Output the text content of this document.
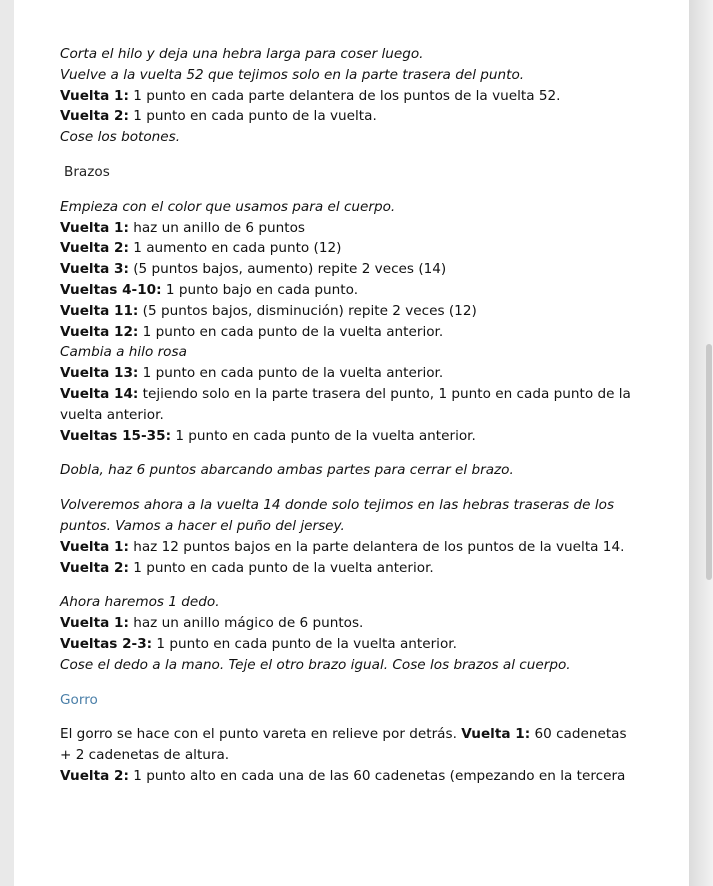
Corta el hilo y deja una hebra larga para coser luego.
Vuelve a la vuelta 52 que tejimos solo en la parte trasera del punto.
Vuelta 1: 1 punto en cada parte delantera de los puntos de la vuelta 52.
Vuelta 2: 1 punto en cada punto de la vuelta.
Cose los botones.
Brazos
Empieza con el color que usamos para el cuerpo.
Vuelta 1: haz un anillo de 6 puntos
Vuelta 2: 1 aumento en cada punto (12)
Vuelta 3: (5 puntos bajos, aumento) repite 2 veces (14)
Vueltas 4-10: 1 punto bajo en cada punto.
Vuelta 11: (5 puntos bajos, disminución) repite 2 veces (12)
Vuelta 12: 1 punto en cada punto de la vuelta anterior.
Cambia a hilo rosa
Vuelta 13: 1 punto en cada punto de la vuelta anterior.
Vuelta 14: tejiendo solo en la parte trasera del punto, 1 punto en cada punto de la
vuelta anterior.
Vueltas 15-35: 1 punto en cada punto de la vuelta anterior.
Dobla, haz 6 puntos abarcando ambas partes para cerrar el brazo.
Volveremos ahora a la vuelta 14 donde solo tejimos en las hebras traseras de los
puntos. Vamos a hacer el puño del jersey.
Vuelta 1: haz 12 puntos bajos en la parte delantera de los puntos de la vuelta 14.
Vuelta 2: 1 punto en cada punto de la vuelta anterior.
Ahora haremos 1 dedo.
Vuelta 1: haz un anillo mágico de 6 puntos.
Vueltas 2-3: 1 punto en cada punto de la vuelta anterior.
Cose el dedo a la mano. Teje el otro brazo igual. Cose los brazos al cuerpo.
Gorro
El gorro se hace con el punto vareta en relieve por detrás. Vuelta 1: 60 cadenetas
+ 2 cadenetas de altura.
Vuelta 2: 1 punto alto en cada una de las 60 cadenetas (empezando en la tercera
